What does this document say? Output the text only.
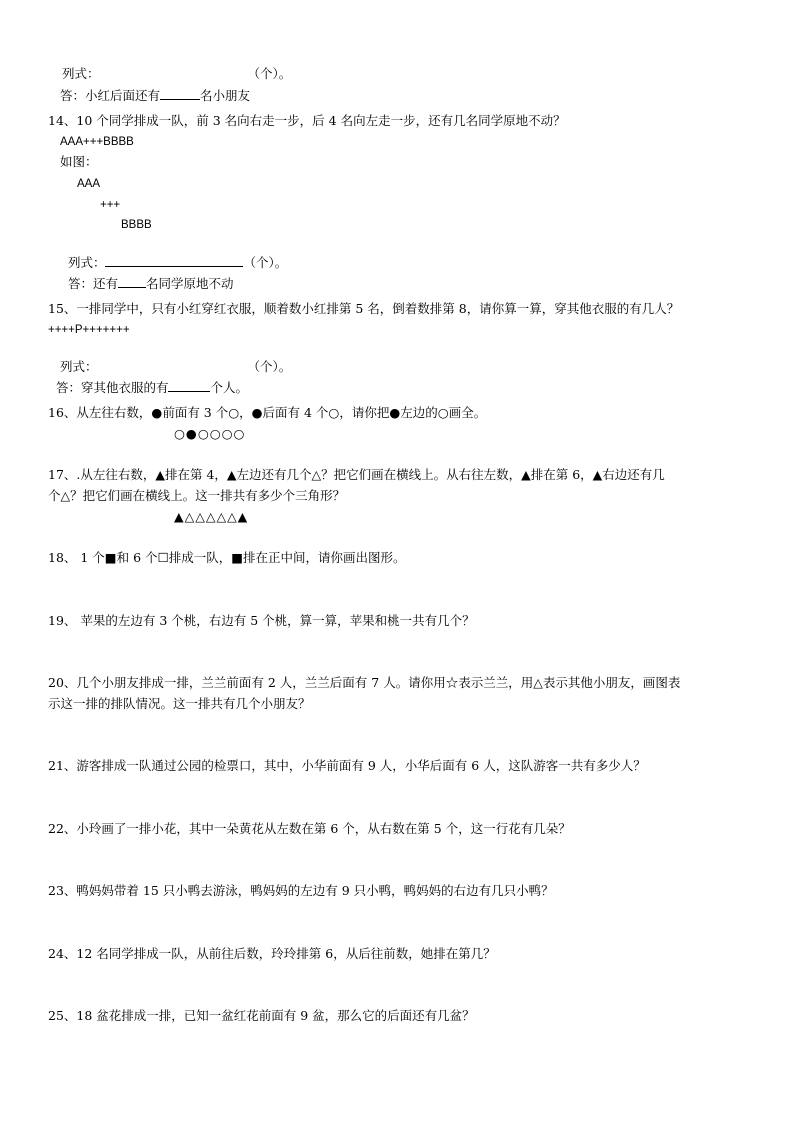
列式：	（个）。

答：小红后面还有	名小朋友

14、10 个同学排成一队，前 3 名向右走一步，后 4 名向左走一步，还有几名同学原地不动？
AAA+++BBBB
如图：
AAA
+++
BBBB

列式：	（个）。

答：还有 名同学原地不动

15、一排同学中，只有小红穿红衣服，顺着数小红排第 5 名，倒着数排第 8，请你算一算，穿其他衣服的有几人？
++++P+++++++

列式：	（个）。

答：穿其他衣服的有	个人。

16、从左往右数，●前面有 3 个○，●后面有 4 个○，请你把●左边的○画全。
○●○○○○
17、.从左往右数，▲排在第 4，▲左边还有几个△？把它们画在横线上。从右往左数，▲排在第 6，▲右边还有几
个△？把它们画在横线上。这一排共有多少个三角形？
▲△△△△△▲
18、 1 个■和 6 个☐排成一队，■排在正中间，请你画出图形。
19、 苹果的左边有 3 个桃，右边有 5 个桃，算一算，苹果和桃一共有几个？
20、几个小朋友排成一排，兰兰前面有 2 人，兰兰后面有 7 人。请你用☆表示兰兰，用△表示其他小朋友，画图表
示这一排的排队情况。这一排共有几个小朋友？
21、游客排成一队通过公园的检票口，其中，小华前面有 9 人，小华后面有 6 人，这队游客一共有多少人？
22、小玲画了一排小花，其中一朵黄花从左数在第 6 个，从右数在第 5 个，这一行花有几朵？
23、鸭妈妈带着 15 只小鸭去游泳，鸭妈妈的左边有 9 只小鸭，鸭妈妈的右边有几只小鸭？
24、12 名同学排成一队，从前往后数，玲玲排第 6，从后往前数，她排在第几？
25、18 盆花排成一排，已知一盆红花前面有 9 盆，那么它的后面还有几盆？
